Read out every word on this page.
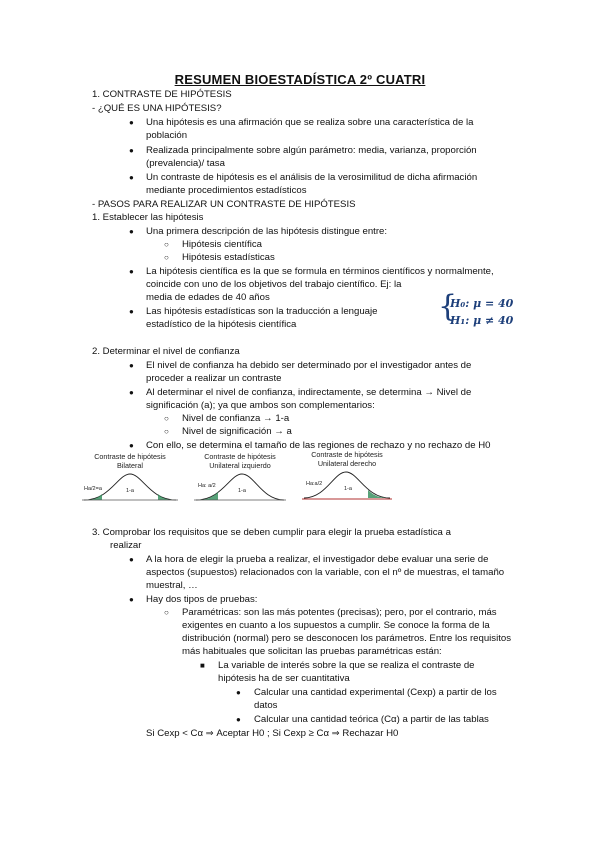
RESUMEN BIOESTADÍSTICA 2º CUATRI
1. CONTRASTE DE HIPÓTESIS
- ¿QUÉ ES UNA HIPÓTESIS?
● Una hipótesis es una afirmación que se realiza sobre una característica de la
población
● Realizada principalmente sobre algún parámetro: media, varianza, proporción
(prevalencia)/ tasa
● Un contraste de hipótesis es el análisis de la verosimilitud de dicha afirmación
mediante procedimientos estadísticos
- PASOS PARA REALIZAR UN CONTRASTE DE HIPÓTESIS
1. Establecer las hipótesis
● Una primera descripción de las hipótesis distingue entre:
○ Hipótesis científica
○ Hipótesis estadísticas
● La hipótesis científica es la que se formula en términos científicos y normalmente,
coincide con uno de los objetivos del trabajo científico. Ej: la
media de edades de 40 años
● Las hipótesis estadísticas son la traducción a lenguaje
estadístico de la hipótesis científica
{
H₀: μ = 40
H₁: μ ≠ 40
2. Determinar el nivel de confianza
● El nivel de confianza ha debido ser determinado por el investigador antes de
proceder a realizar un contraste
● Al determinar el nivel de confianza, indirectamente, se determina → Nivel de
significación (a); ya que ambos son complementarios:
○ Nivel de confianza → 1-a
○ Nivel de significación → a
● Con ello, se determina el tamaño de las regiones de rechazo y no rechazo de H0
Contraste de hipótesis
Bilateral
Ha/2=a	1-a
Contraste de hipótesis
Unilateral izquierdo
Ha: a/2
1-a
Contraste de hipótesis
Unilateral derecho
Ha:a/2
1-a
3. Comprobar los requisitos que se deben cumplir para elegir la prueba estadística a
realizar
● A la hora de elegir la prueba a realizar, el investigador debe evaluar una serie de
aspectos (supuestos) relacionados con la variable, con el nº de muestras, el tamaño
muestral, …
● Hay dos tipos de pruebas:
○ Paramétricas: son las más potentes (precisas); pero, por el contrario, más
exigentes en cuanto a los supuestos a cumplir. Se conoce la forma de la
distribución (normal) pero se desconocen los parámetros. Entre los requisitos
más habituales que solicitan las pruebas paramétricas están:
■ La variable de interés sobre la que se realiza el contraste de
hipótesis ha de ser cuantitativa
● Calcular una cantidad experimental (Cexp) a partir de los
datos
● Calcular una cantidad teórica (Cα) a partir de las tablas
Si Cexp < Cα ⇒ Aceptar H0 ; Si Cexp ≥ Cα ⇒ Rechazar H0
